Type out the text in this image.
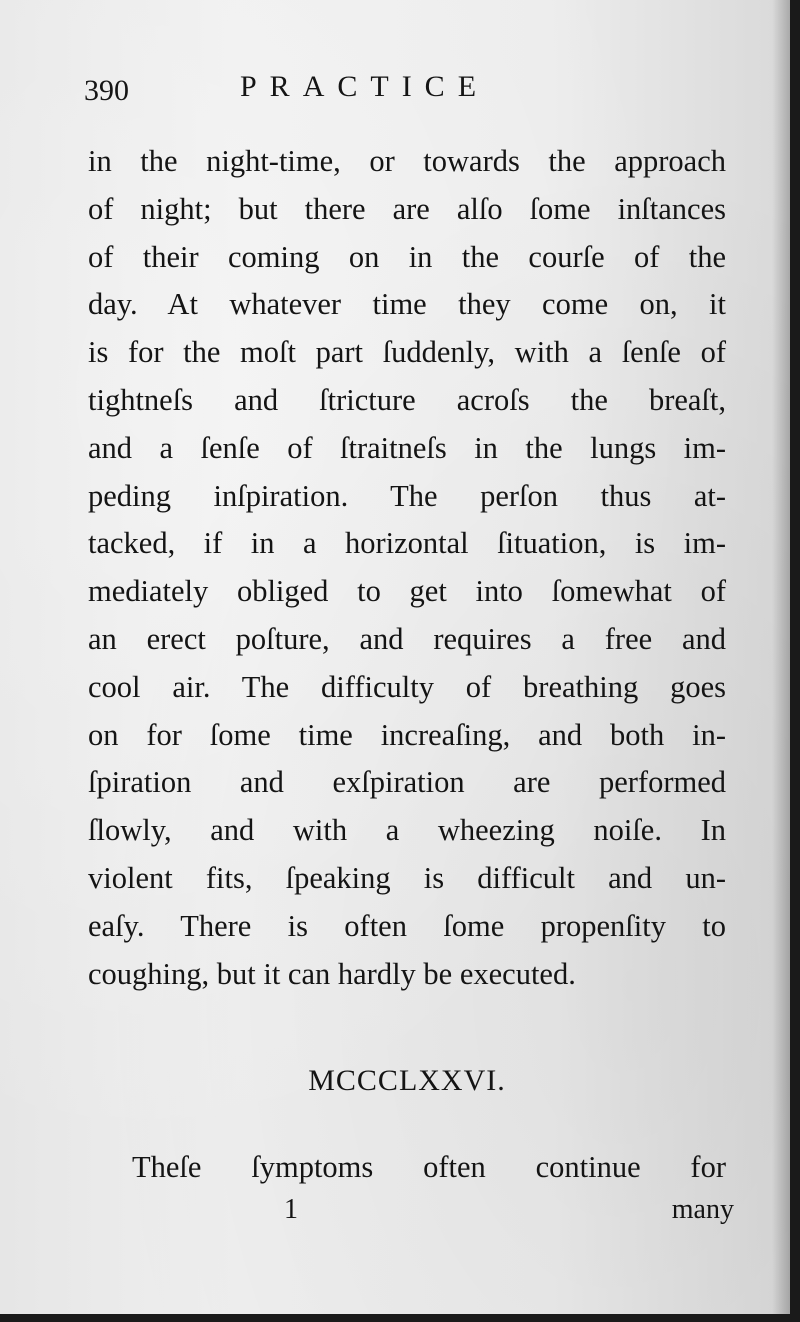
390	PRACTICE
in the night-time, or towards the approach
of night; but there are alſo ſome inſtances
of their coming on in the courſe of the
day. At whatever time they come on, it
is for the moſt part ſuddenly, with a ſenſe of
tightneſs and ſtricture acroſs the breaſt,
and a ſenſe of ſtraitneſs in the lungs im-
peding inſpiration. The perſon thus at-
tacked, if in a horizontal ſituation, is im-
mediately obliged to get into ſomewhat of
an erect poſture, and requires a free and
cool air. The difficulty of breathing goes
on for ſome time increaſing, and both in-
ſpiration and exſpiration are performed
ſlowly, and with a wheezing noiſe. In
violent fits, ſpeaking is difficult and un-
eaſy. There is often ſome propenſity to
coughing, but it can hardly be executed.
MCCCLXXVI.
Theſe ſymptoms often continue for
1	many
